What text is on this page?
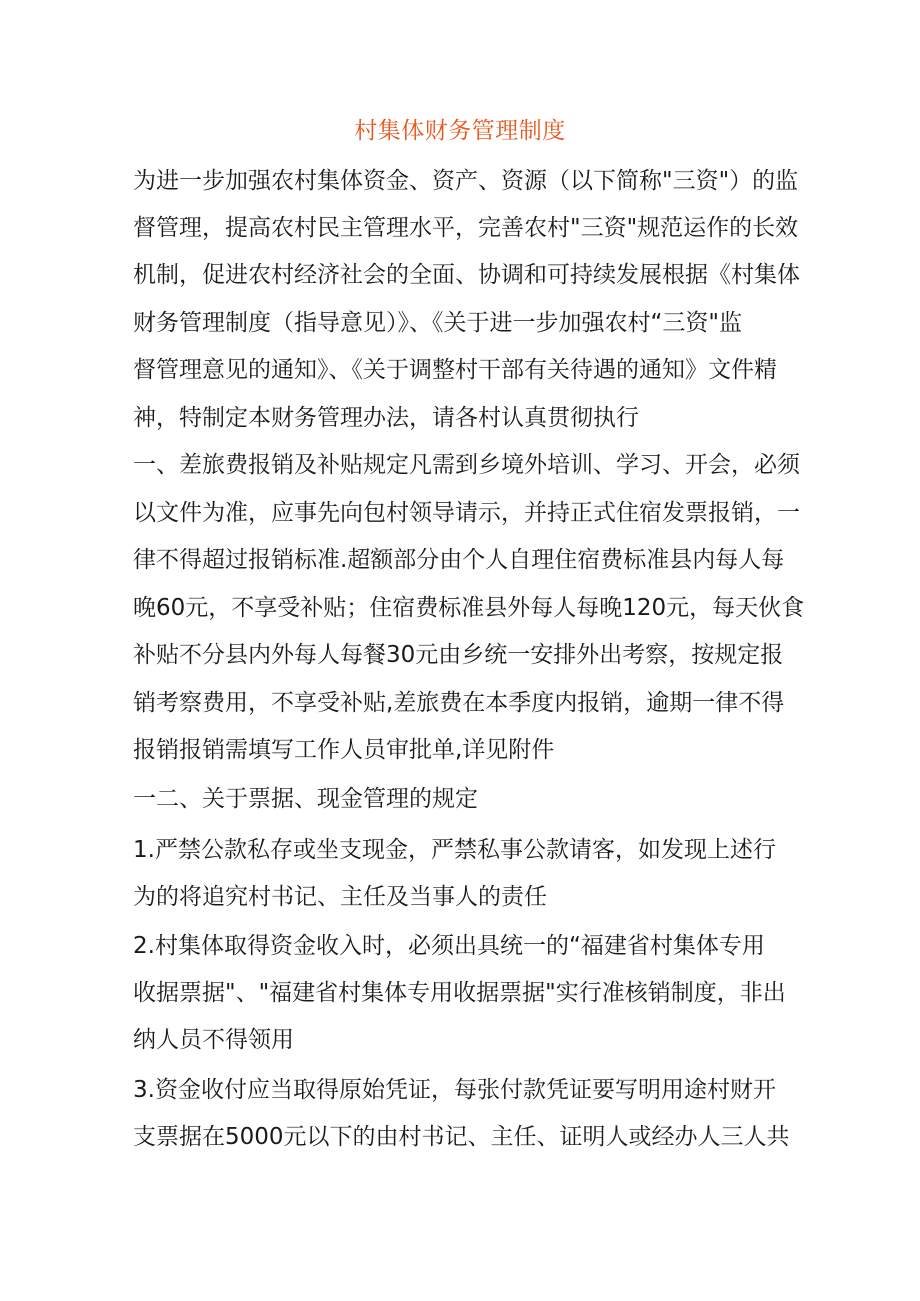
村集体财务管理制度
为进一步加强农村集体资金、资产、资源（以下简称"三资"）的监
督管理，提高农村民主管理水平，完善农村"三资"规范运作的长效
机制，促进农村经济社会的全面、协调和可持续发展根据《村集体
财务管理制度（指导意见）》、《关于进一步加强农村“三资"监
督管理意见的通知》、《关于调整村干部有关待遇的通知》文件精
神，特制定本财务管理办法，请各村认真贯彻执行
一、差旅费报销及补贴规定凡需到乡境外培训、学习、开会，必须
以文件为准，应事先向包村领导请示，并持正式住宿发票报销，一
律不得超过报销标准.超额部分由个人自理住宿费标准县内每人每
晚60元，不享受补贴；住宿费标准县外每人每晚120元，每天伙食
补贴不分县内外每人每餐30元由乡统一安排外出考察，按规定报
销考察费用，不享受补贴,差旅费在本季度内报销，逾期一律不得
报销报销需填写工作人员审批单,详见附件
一二、关于票据、现金管理的规定
1.严禁公款私存或坐支现金，严禁私事公款请客，如发现上述行
为的将追究村书记、主任及当事人的责任
2.村集体取得资金收入时，必须出具统一的“福建省村集体专用
收据票据"、"福建省村集体专用收据票据"实行准核销制度，非出
纳人员不得领用
3.资金收付应当取得原始凭证，每张付款凭证要写明用途村财开
支票据在5000元以下的由村书记、主任、证明人或经办人三人共
